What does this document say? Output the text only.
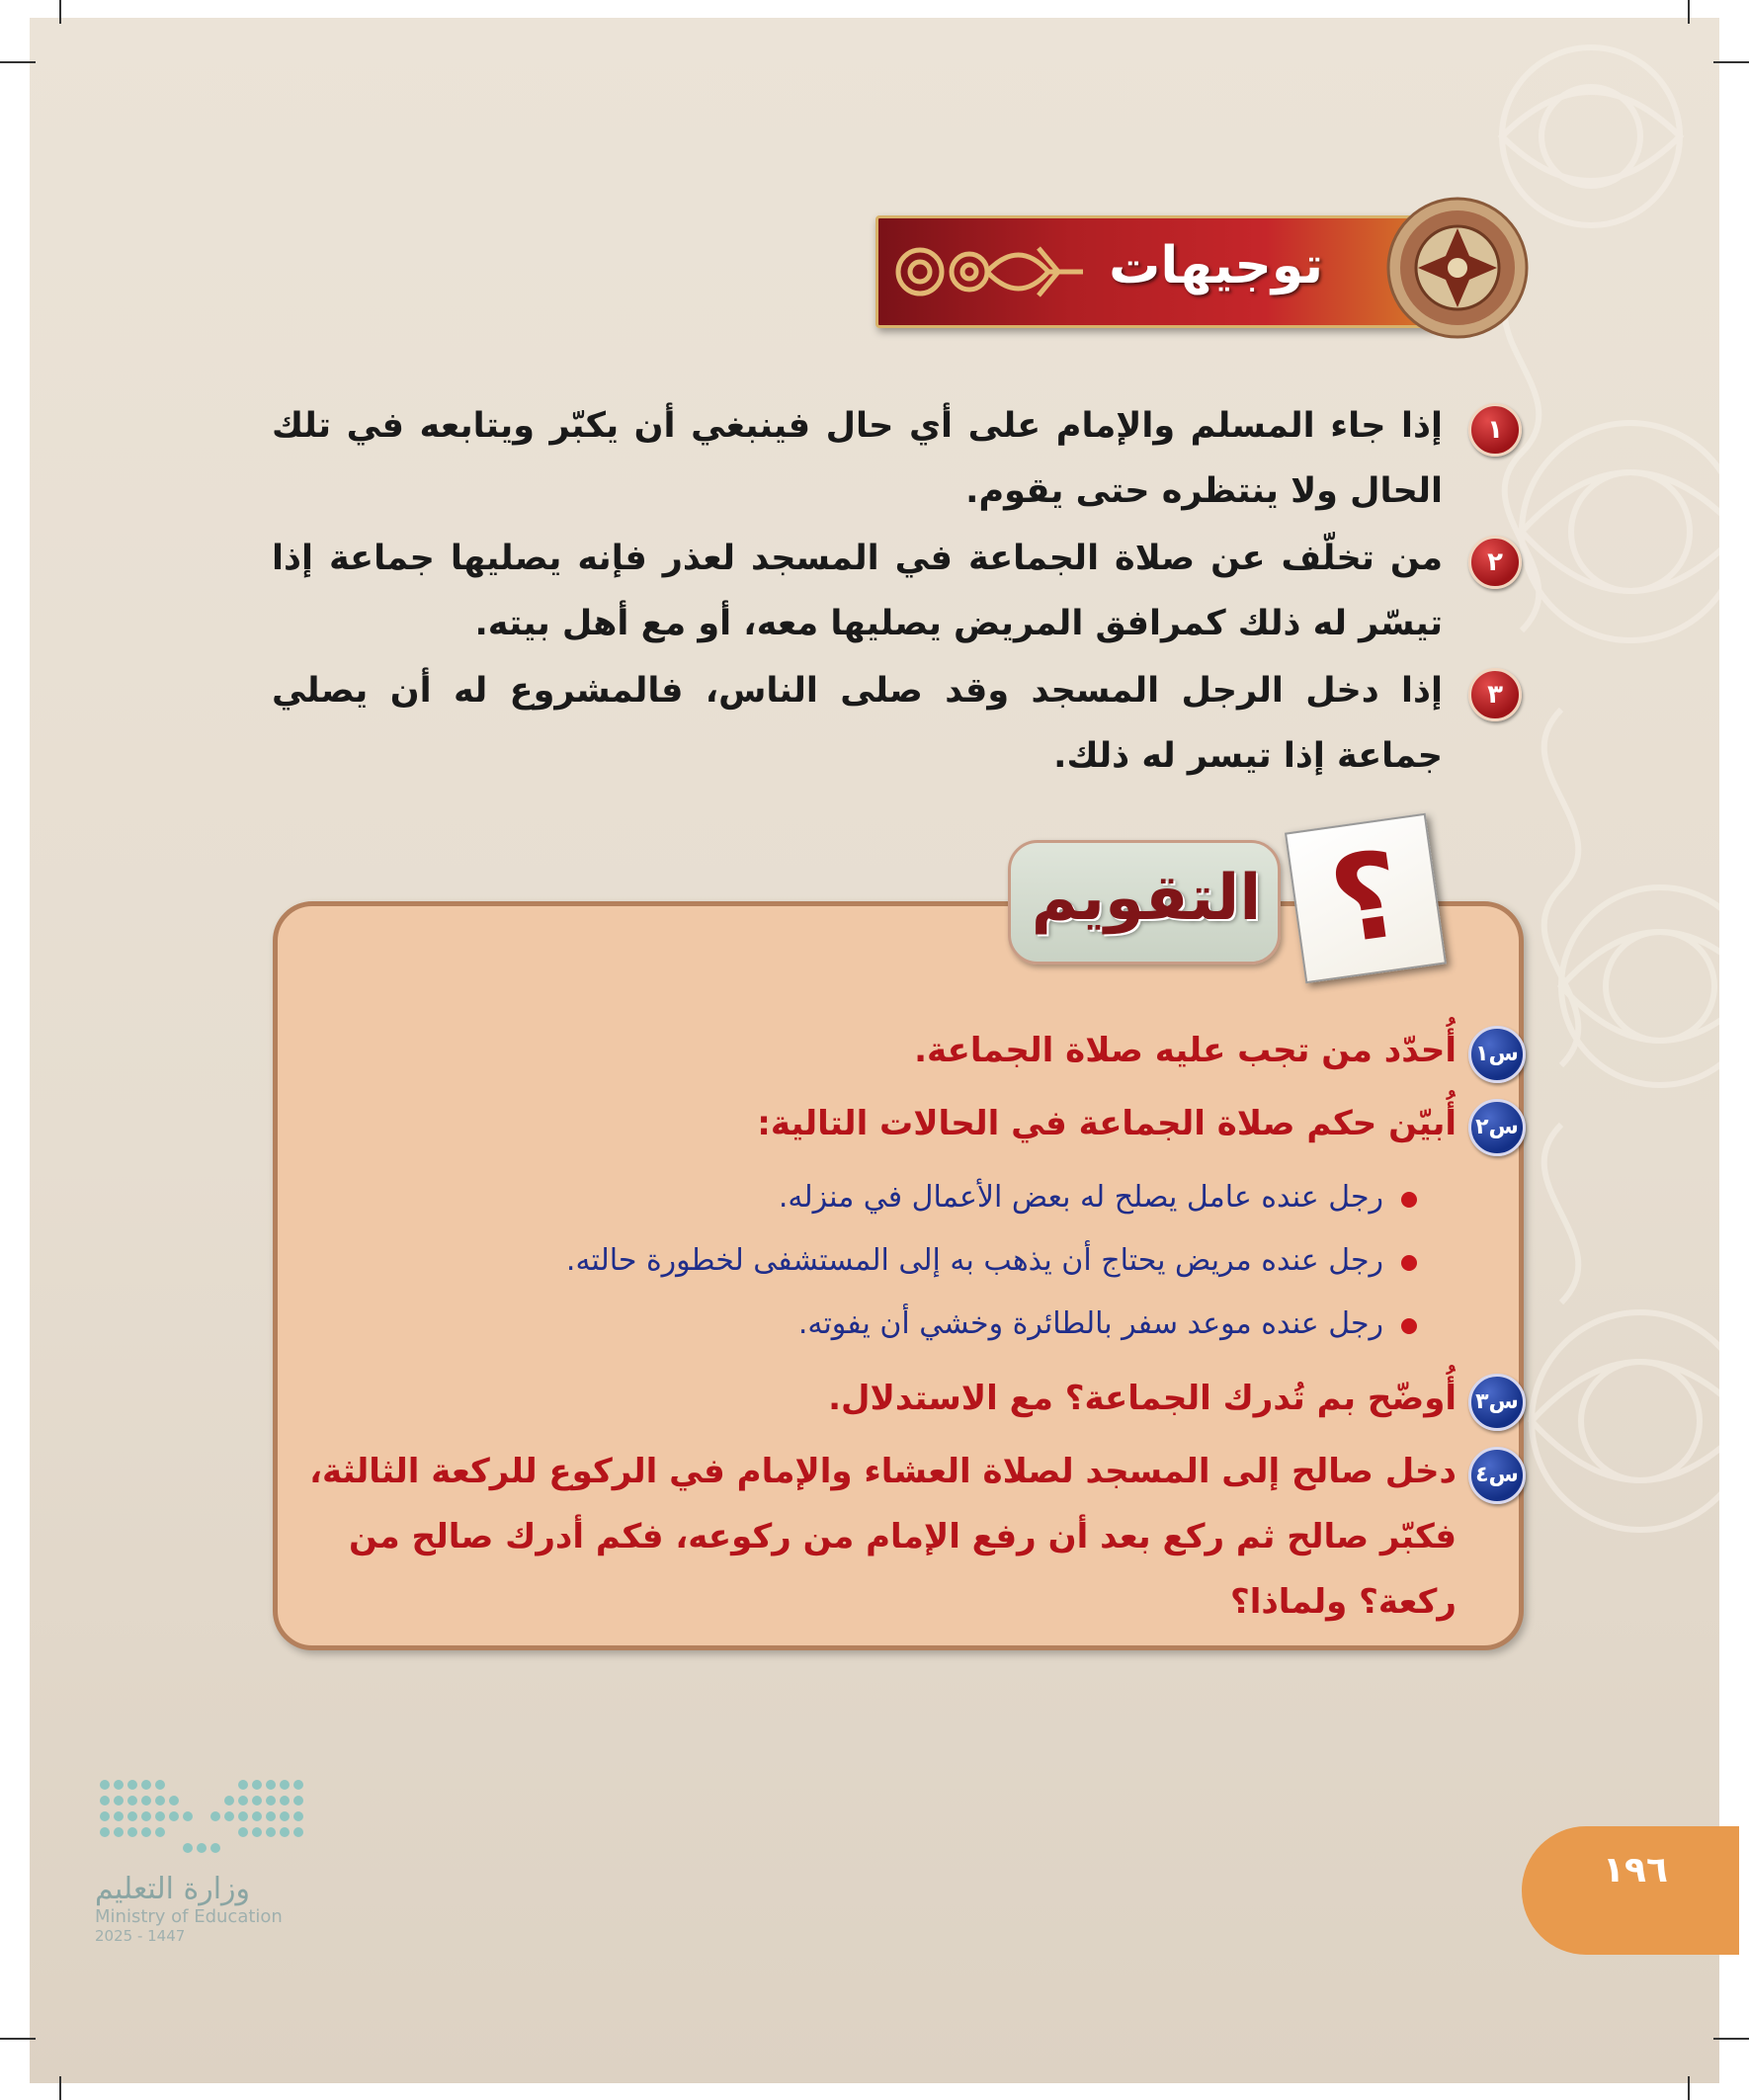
توجيهات
١
إذا جاء المسلم والإمام على أي حال فينبغي أن يكبّر ويتابعه في تلك الحال ولا ينتظره حتى يقوم.
٢
من تخلّف عن صلاة الجماعة في المسجد لعذر فإنه يصليها جماعة إذا تيسّر له ذلك كمرافق المريض يصليها معه، أو مع أهل بيته.
٣
إذا دخل الرجل المسجد وقد صلى الناس، فالمشروع له أن يصلي جماعة إذا تيسر له ذلك.
التقويم ؟
س١
أُحدّد من تجب عليه صلاة الجماعة.
س٢
أُبيّن حكم صلاة الجماعة في الحالات التالية:
رجل عنده عامل يصلح له بعض الأعمال في منزله.
رجل عنده مريض يحتاج أن يذهب به إلى المستشفى لخطورة حالته.
رجل عنده موعد سفر بالطائرة وخشي أن يفوته.
س٣
أُوضّح بم تُدرك الجماعة؟ مع الاستدلال.
س٤
دخل صالح إلى المسجد لصلاة العشاء والإمام في الركوع للركعة الثالثة، فكبّر صالح ثم ركع بعد أن رفع الإمام من ركوعه، فكم أدرك صالح من ركعة؟ ولماذا؟
١٩٦
وزارة التعليم
Ministry of Education
2025 - 1447
